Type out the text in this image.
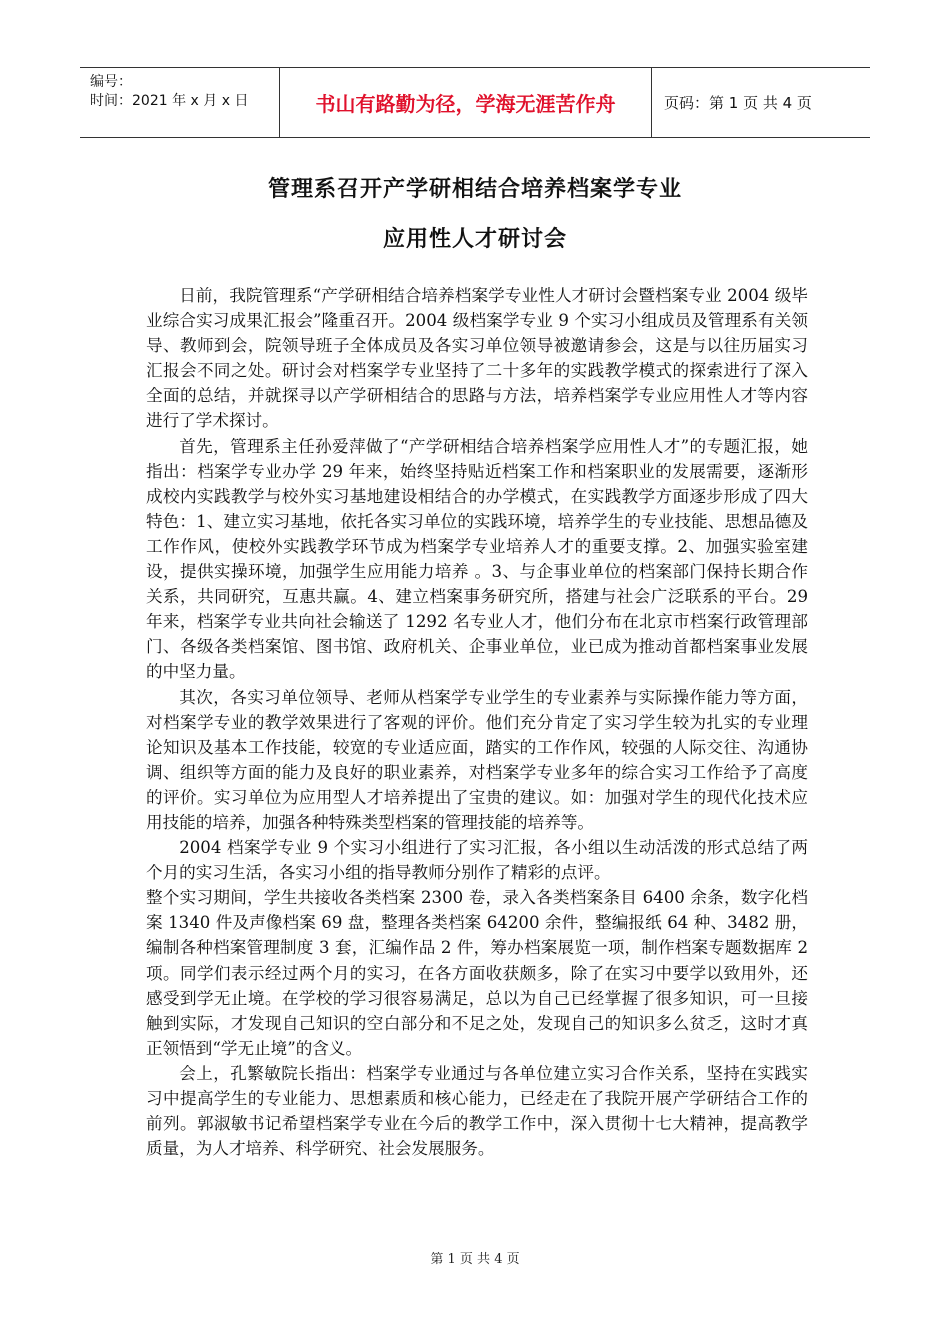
编号：
时间：2021 年 x 月 x 日	书山有路勤为径，学海无涯苦作舟	页码：第 1 页 共 4 页
管理系召开产学研相结合培养档案学专业
应用性人才研讨会

日前，我院管理系“产学研相结合培养档案学专业性人才研讨会暨档案专业 2004 级毕业综合实习成果汇报会”隆重召开。2004 级档案学专业 9 个实习小组成员及管理系有关领导、教师到会，院领导班子全体成员及各实习单位领导被邀请参会，这是与以往历届实习汇报会不同之处。研讨会对档案学专业坚持了二十多年的实践教学模式的探索进行了深入全面的总结，并就探寻以产学研相结合的思路与方法，培养档案学专业应用性人才等内容进行了学术探讨。

首先，管理系主任孙爱萍做了“产学研相结合培养档案学应用性人才”的专题汇报，她指出：档案学专业办学 29 年来，始终坚持贴近档案工作和档案职业的发展需要，逐渐形成校内实践教学与校外实习基地建设相结合的办学模式，在实践教学方面逐步形成了四大特色：1、建立实习基地，依托各实习单位的实践环境，培养学生的专业技能、思想品德及工作作风，使校外实践教学环节成为档案学专业培养人才的重要支撑。2、加强实验室建设，提供实操环境，加强学生应用能力培养 。3、与企事业单位的档案部门保持长期合作关系，共同研究，互惠共赢。4、建立档案事务研究所，搭建与社会广泛联系的平台。29 年来，档案学专业共向社会输送了 1292 名专业人才，他们分布在北京市档案行政管理部门、各级各类档案馆、图书馆、政府机关、企事业单位，业已成为推动首都档案事业发展的中坚力量。

其次，各实习单位领导、老师从档案学专业学生的专业素养与实际操作能力等方面，对档案学专业的教学效果进行了客观的评价。他们充分肯定了实习学生较为扎实的专业理论知识及基本工作技能，较宽的专业适应面，踏实的工作作风，较强的人际交往、沟通协调、组织等方面的能力及良好的职业素养，对档案学专业多年的综合实习工作给予了高度的评价。实习单位为应用型人才培养提出了宝贵的建议。如：加强对学生的现代化技术应用技能的培养，加强各种特殊类型档案的管理技能的培养等。

2004 档案学专业 9 个实习小组进行了实习汇报，各小组以生动活泼的形式总结了两个月的实习生活，各实习小组的指导教师分别作了精彩的点评。

整个实习期间，学生共接收各类档案 2300 卷，录入各类档案条目 6400 余条，数字化档案 1340 件及声像档案 69 盘，整理各类档案 64200 余件，整编报纸 64 种、3482 册，编制各种档案管理制度 3 套，汇编作品 2 件，筹办档案展览一项，制作档案专题数据库 2 项。同学们表示经过两个月的实习，在各方面收获颇多，除了在实习中要学以致用外，还感受到学无止境。在学校的学习很容易满足，总以为自己已经掌握了很多知识，可一旦接触到实际，才发现自己知识的空白部分和不足之处，发现自己的知识多么贫乏，这时才真正领悟到“学无止境”的含义。

会上，孔繁敏院长指出：档案学专业通过与各单位建立实习合作关系，坚持在实践实习中提高学生的专业能力、思想素质和核心能力，已经走在了我院开展产学研结合工作的前列。郭淑敏书记希望档案学专业在今后的教学工作中，深入贯彻十七大精神，提高教学质量，为人才培养、科学研究、社会发展服务。

第 1 页 共 4 页
